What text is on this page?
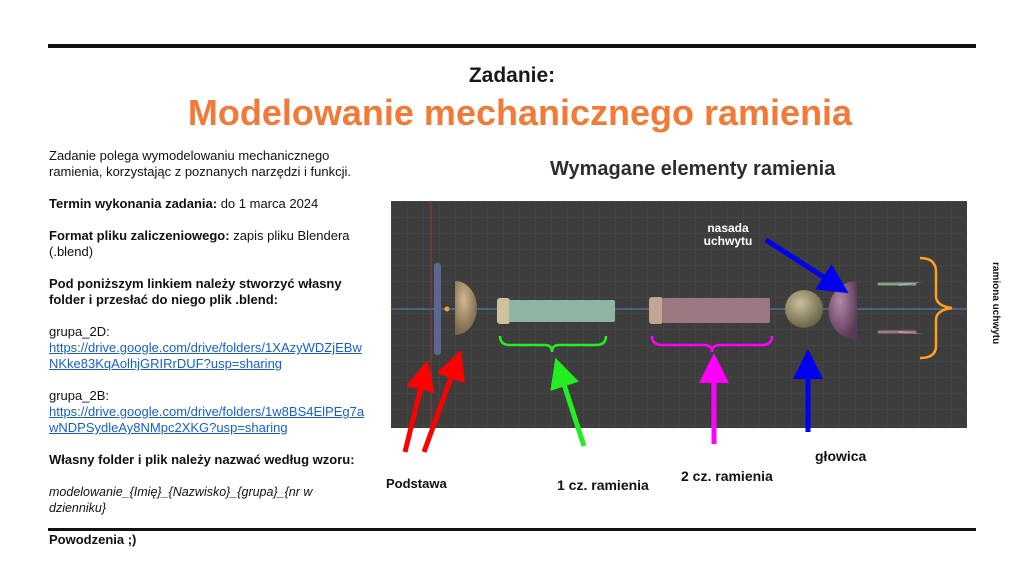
Zadanie:
Modelowanie mechanicznego ramienia

Zadanie polega wymodelowaniu mechanicznego ramienia, korzystając z poznanych narzędzi i funkcji.

Termin wykonania zadania: do 1 marca 2024

Format pliku zaliczeniowego: zapis pliku Blendera (.blend)

Pod poniższym linkiem należy stworzyć własny folder i przesłać do niego plik .blend:

grupa_2D:
https://drive.google.com/drive/folders/1XAzyWDZjEBwNKke83KqAolhjGRIRrDUF?usp=sharing

grupa_2B:
https://drive.google.com/drive/folders/1w8BS4ElPEg7awNDPSydleAy8NMpc2XKG?usp=sharing

Własny folder i plik należy nazwać według wzoru:

modelowanie_{Imię}_{Nazwisko}_{grupa}_{nr w dzienniku}

Powodzenia ;)

Wymagane elementy ramienia
nasada uchwytu
ramiona uchwytu
Podstawa	1 cz. ramienia
2 cz. ramienia
głowica
